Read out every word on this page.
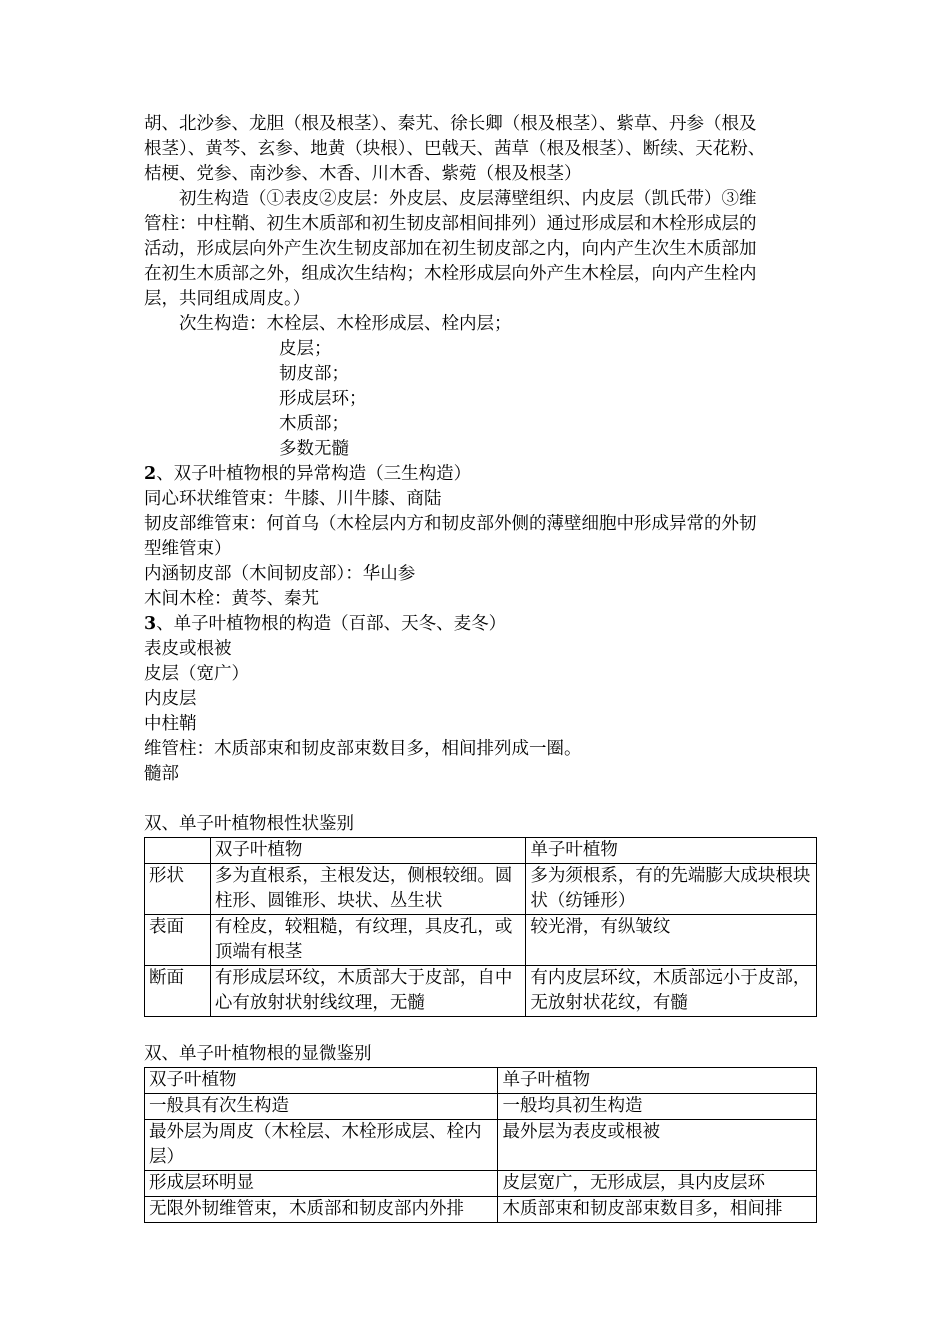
胡、北沙参、龙胆（根及根茎）、秦艽、徐长卿（根及根茎）、紫草、丹参（根及

根茎）、黄芩、玄参、地黄（块根）、巴戟天、茜草（根及根茎）、断续、天花粉、

桔梗、党参、南沙参、木香、川木香、紫菀（根及根茎）

初生构造（①表皮②皮层：外皮层、皮层薄壁组织、内皮层（凯氏带）③维

管柱：中柱鞘、初生木质部和初生韧皮部相间排列）通过形成层和木栓形成层的

活动，形成层向外产生次生韧皮部加在初生韧皮部之内，向内产生次生木质部加

在初生木质部之外，组成次生结构；木栓形成层向外产生木栓层，向内产生栓内

层，共同组成周皮。）

次生构造：木栓层、木栓形成层、栓内层；

皮层；

韧皮部；

形成层环；

木质部；

多数无髓

2、双子叶植物根的异常构造（三生构造）

同心环状维管束：牛膝、川牛膝、商陆

韧皮部维管束：何首乌（木栓层内方和韧皮部外侧的薄壁细胞中形成异常的外韧

型维管束）

内涵韧皮部（木间韧皮部）：华山参

木间木栓：黄芩、秦艽

3、单子叶植物根的构造（百部、天冬、麦冬）

表皮或根被

皮层（宽广）

内皮层

中柱鞘

维管柱：木质部束和韧皮部束数目多，相间排列成一圈。

髓部

双、单子叶植物根性状鉴别

	双子叶植物	单子叶植物
形状	多为直根系，主根发达，侧根较细。圆柱形、圆锥形、块状、丛生状	多为须根系，有的先端膨大成块根块状（纺锤形）
表面	有栓皮，较粗糙，有纹理，具皮孔，或顶端有根茎	较光滑，有纵皱纹
断面	有形成层环纹，木质部大于皮部，自中心有放射状射线纹理，无髓	有内皮层环纹，木质部远小于皮部，无放射状花纹，有髓

双、单子叶植物根的显微鉴别

双子叶植物	单子叶植物
一般具有次生构造	一般均具初生构造
最外层为周皮（木栓层、木栓形成层、栓内层）	最外层为表皮或根被
形成层环明显	皮层宽广，无形成层，具内皮层环
无限外韧维管束，木质部和韧皮部内外排	木质部束和韧皮部束数目多，相间排
